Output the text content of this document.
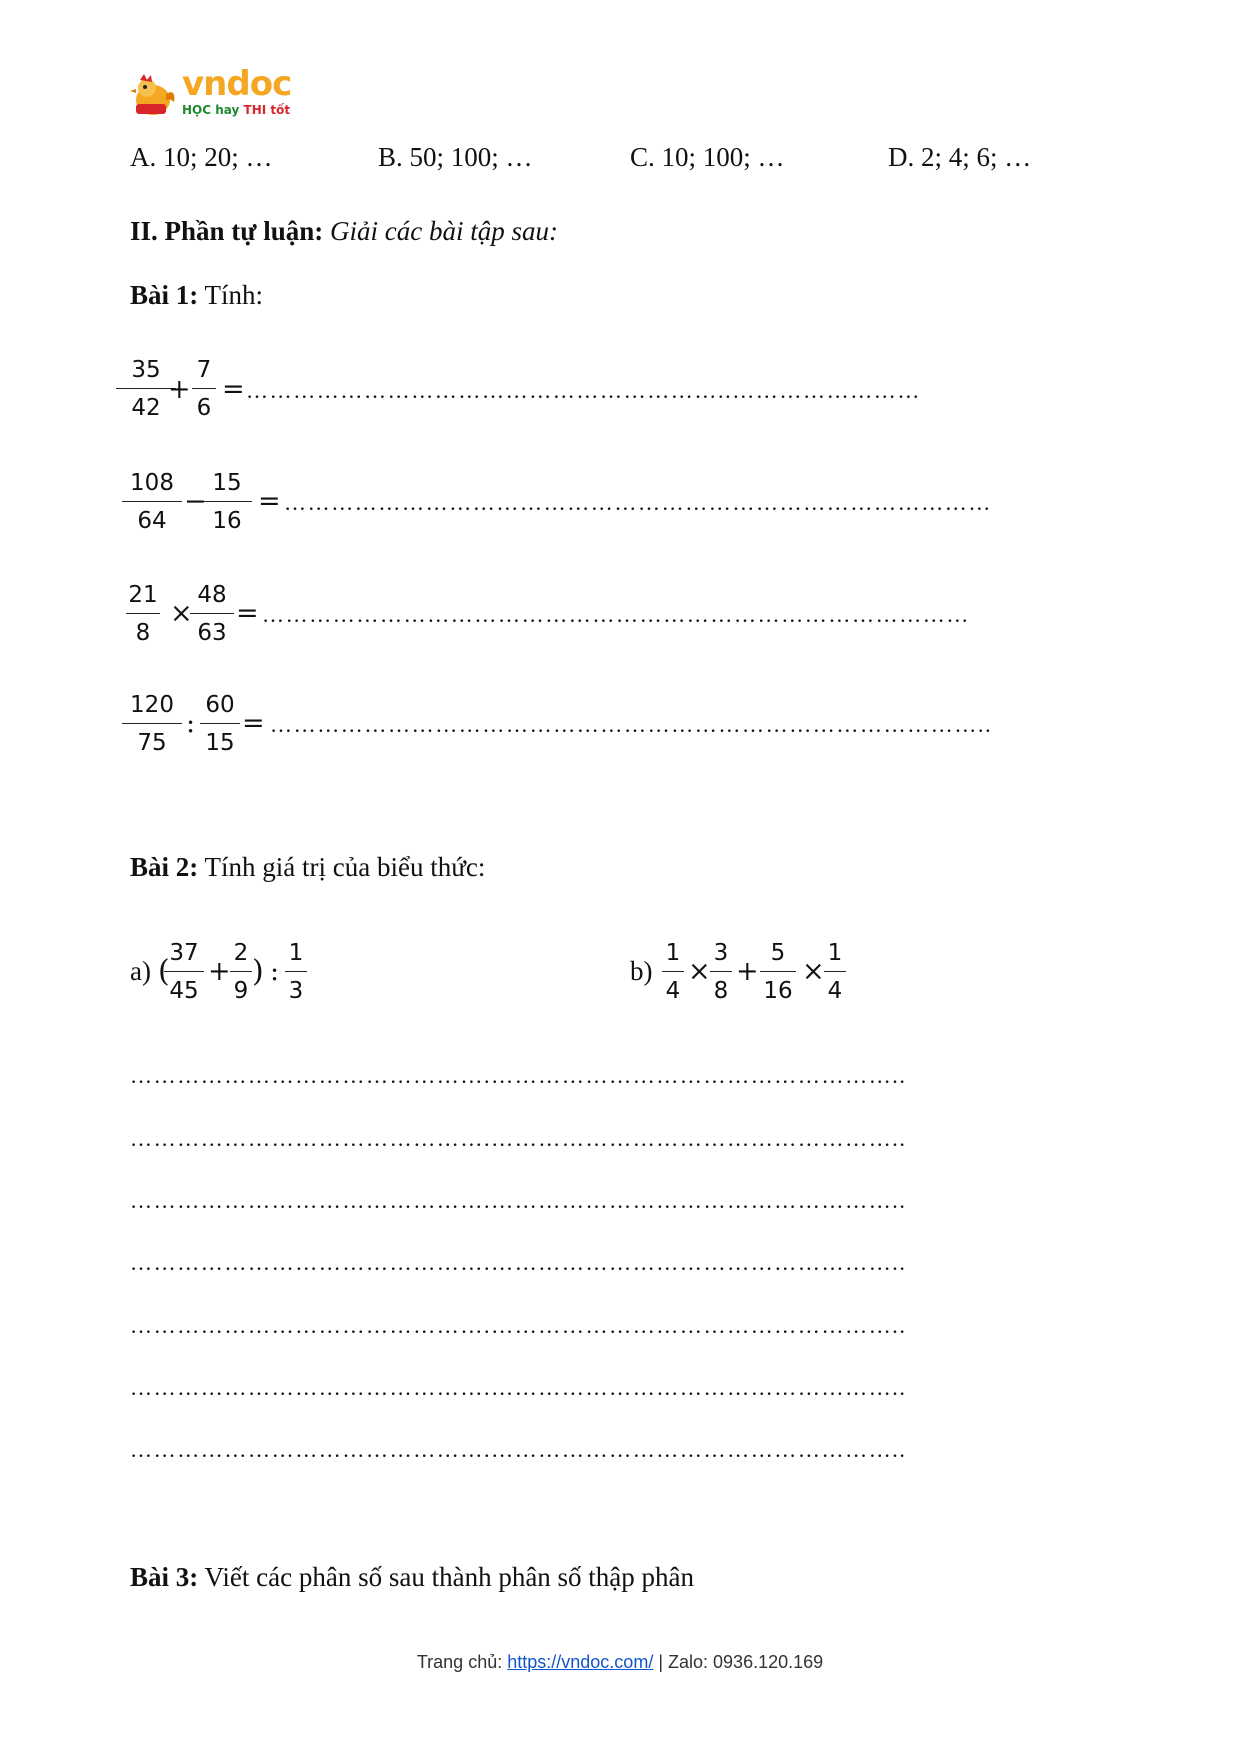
vndoc
HỌC hay THI tốt
A. 10; 20; …	B. 50; 100; …	C. 10; 100; …	D. 2; 4; 6; …
II. Phần tự luận: Giải các bài tập sau:
Bài 1: Tính:
35
42
+
7
6
= ……………………………………………………..……………………
108
64
−
15
16
= ………………………………………………………………………………
21
8
×
48
63
= ………………………………………………………………………………
120
75
:
60
15
= ………………………………………………………………………………..
Bài 2: Tính giá trị của biểu thức:
a) (
37
45
+
2
9
) :
1
3
b)
1
4
×
3
8
+
5
16
×
1
4
……………………………………….……………………………………………..
……………………………………….……………………………………………..
……………………………………….……………………………………………..
……………………………………….……………………………………………..
……………………………………….……………………………………………..
……………………………………….……………………………………………..
……………………………………….……………………………………………..
Bài 3: Viết các phân số sau thành phân số thập phân
Trang chủ: https://vndoc.com/ | Zalo: 0936.120.169
